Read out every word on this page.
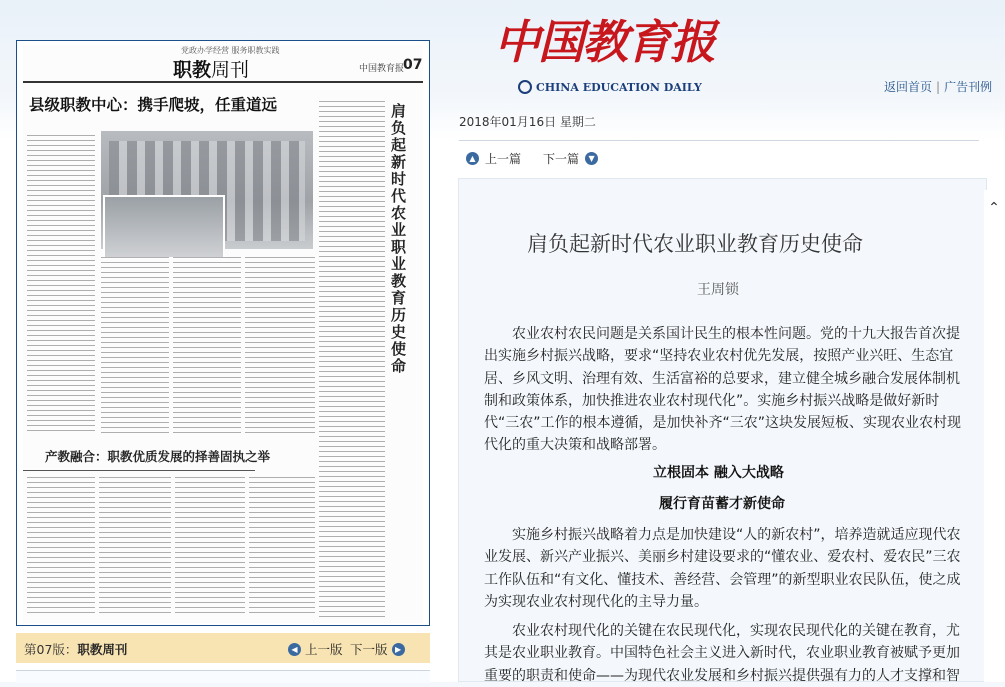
党政办学经营 服务职教实践
职教周刊	中国教育报
07
县级职教中心：携手爬坡，任重道远	肩负起新时代农业职业教育历史使命
产教融合：职教优质发展的择善固执之举
第07版：职教周刊	◀ 上一版 下一版 ▶
中国教育报
CHINA EDUCATION DAILY	返回首页 | 广告刊例
2018年01月16日 星期二
▲ 上一篇 下一篇	▼
⌃
肩负起新时代农业职业教育历史使命
王周锁

农业农村农民问题是关系国计民生的根本性问题。党的十九大报告首次提出实施乡村振兴战略，要求“坚持农业农村优先发展，按照产业兴旺、生态宜居、乡风文明、治理有效、生活富裕的总要求，建立健全城乡融合发展体制机制和政策体系，加快推进农业农村现代化”。实施乡村振兴战略是做好新时代“三农”工作的根本遵循，是加快补齐“三农”这块发展短板、实现农业农村现代化的重大决策和战略部署。

立根固本 融入大战略
履行育苗蓄才新使命

实施乡村振兴战略着力点是加快建设“人的新农村”，培养造就适应现代农业发展、新兴产业振兴、美丽乡村建设要求的“懂农业、爱农村、爱农民”三农工作队伍和“有文化、懂技术、善经营、会管理”的新型职业农民队伍，使之成为实现农业农村现代化的主导力量。

农业农村现代化的关键在农民现代化，实现农民现代化的关键在教育，尤其是农业职业教育。中国特色社会主义进入新时代，农业职业教育被赋予更加重要的职责和使命——为现代农业发展和乡村振兴提供强有力的人才支撑和智
